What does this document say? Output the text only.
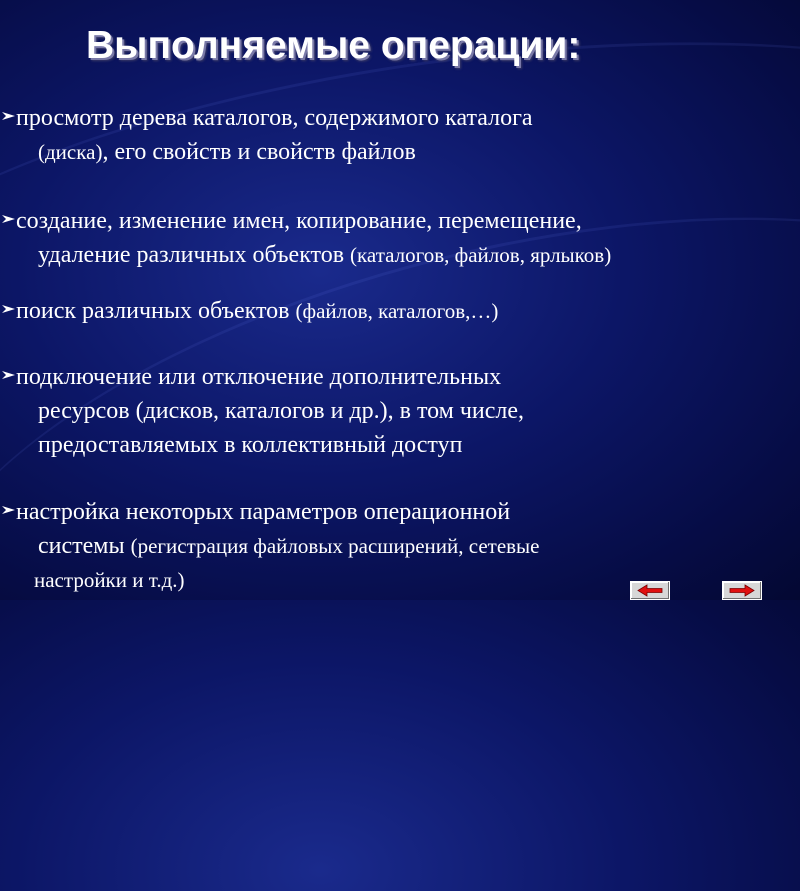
Выполняемые операции:
просмотр дерева каталогов, содержимого каталога
(диска), его свойств и свойств файлов
создание, изменение имен, копирование, перемещение,
удаление различных объектов (каталогов, файлов, ярлыков)
поиск различных объектов (файлов, каталогов,…)
подключение или отключение дополнительных
ресурсов (дисков, каталогов и др.), в том числе,
предоставляемых в коллективный доступ
настройка некоторых параметров операционной
системы (регистрация файловых расширений, сетевые
настройки и т.д.)
